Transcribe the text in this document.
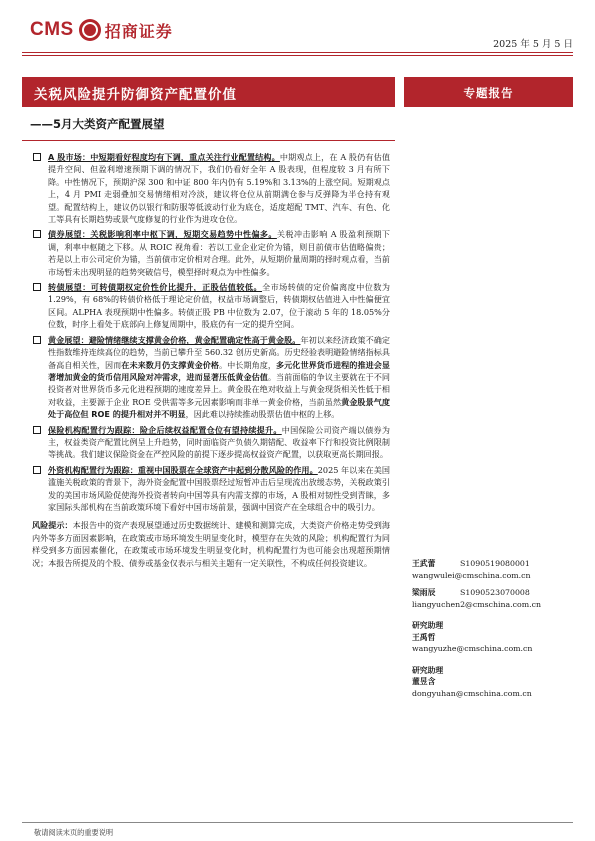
CMS 招商证券
2025 年 5 月 5 日
关税风险提升防御资产配置价值	专题报告
——5月大类资产配置展望
A 股市场：中短期看好程度均有下调，重点关注行业配置结构。中期观点上，在 A 股仍有估值提升空间、但盈利增速预期下调的情况下，我们仍看好全年 A 股表现，但程度较 3 月有所下降。中性情况下，预期沪深 300 和中证 800 年内仍有 5.19%和 3.13%的上涨空间。短期观点上，4 月 PMI 走弱叠加交易情绪相对冷淡，建议将仓位从前期满仓参与反弹降为半仓持有观望。配置结构上，建议仍以银行和防服等低波动行业为底仓，适度超配 TMT、汽车、有色、化工等具有长期趋势或景气度修复的行业作为进攻仓位。
债券展望：关税影响利率中枢下调，短期交易趋势中性偏多。关税冲击影响 A 股盈利预期下调，利率中枢随之下移。从 ROIC 视角看：若以工业企业定价为锚，则目前债市估值略偏贵；若是以上市公司定价为锚，当前债市定价相对合理。此外，从短期价量周期的择时观点看，当前市场暂未出现明显的趋势突破信号，模型择时观点为中性偏多。
转债展望：可转债期权定价性价比提升，正股估值较低。全市场转债的定价偏离度中位数为 1.29%，有 68%的转债价格低于理论定价值，权益市场调整后，转债期权估值进入中性偏便宜区间。ALPHA 表现预期中性偏多。转债正股 PB 中位数为 2.07，位于滚动 5 年的 18.05%分位数，时序上看处于底部向上修复周期中，股底仍有一定的提升空间。
黄金展望：避险情绪继续支撑黄金价格，黄金配置确定性高于黄金股。年初以来经济政策不确定性指数维持连续高位的趋势，当前已攀升至 560.32 创历史新高。历史经验表明避险情绪指标具备高自相关性，因而在未来数月仍支撑黄金价格。中长期角度，多元化世界货币进程的推进会显著增加黄金的货币信用风险对冲需求，进而显著压低黄金估值。当前面临的争议主要就在于不同投资者对世界货币多元化进程预期的速度差异上。黄金股在绝对收益上与黄金现货相关性低于相对收益，主要源于企业 ROE 受供需等多元因素影响而非单一黄金价格，当前虽然黄金股景气度处于高位但 ROE 的提升相对并不明显，因此难以持续推动股票估值中枢的上移。
保险机构配置行为跟踪：险企后续权益配置仓位有望持续提升。中国保险公司资产端以债券为主，权益类资产配置比例呈上升趋势，同时面临资产负债久期错配、收益率下行和投资比例限制等挑战。我们建议保险资金在严控风险的前提下逐步提高权益资产配置，以获取更高长期回报。
外资机构配置行为跟踪：重视中国股票在全球资产中起到分散风险的作用。2025 年以来在美国滥施关税政策的背景下，海外资金配置中国股票经过短暂冲击后呈现流出放缓态势，关税政策引发的美国市场风险促使海外投资者转向中国等具有内需支撑的市场，A 股相对韧性受到青睐，多家国际头部机构在当前政策环境下看好中国市场前景，强调中国资产在全球组合中的吸引力。
风险提示：本报告中的资产表现展望通过历史数据统计、建模和测算完成，大类资产价格走势受到海内外等多方面因素影响，在政策或市场环境发生明显变化时，模型存在失效的风险；机构配置行为同样受到多方面因素催化，在政策或市场环境发生明显变化时，机构配置行为也可能会出现超预期情况；本报告所提及的个股、债券或基金仅表示与相关主题有一定关联性，不构成任何投资建议。	王武蕾	S1090519080001
wangwulei@cmschina.com.cn
梁雨辰	S1090523070008
liangyuchen2@cmschina.com.cn
研究助理
王禹哲
wangyuzhe@cmschina.com.cn
研究助理
董昱含
dongyuhan@cmschina.com.cn
敬请阅读末页的重要说明
